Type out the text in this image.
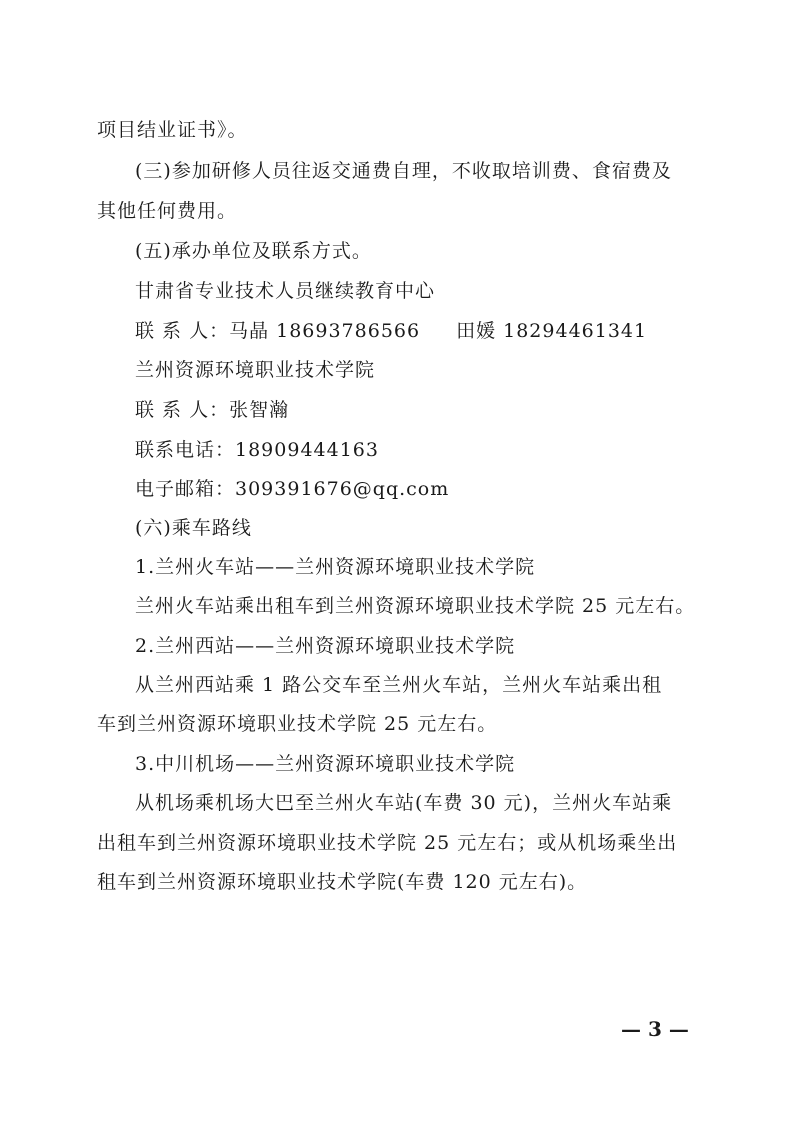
项目结业证书》。
(三)参加研修人员往返交通费自理，不收取培训费、食宿费及
其他任何费用。
(五)承办单位及联系方式。
甘肃省专业技术人员继续教育中心
联 系 人：马晶 18693786566 田媛 18294461341
兰州资源环境职业技术学院
联 系 人：张智瀚
联系电话：18909444163
电子邮箱：309391676@qq.com
(六)乘车路线
1.兰州火车站——兰州资源环境职业技术学院
兰州火车站乘出租车到兰州资源环境职业技术学院 25 元左右。
2.兰州西站——兰州资源环境职业技术学院
从兰州西站乘 1 路公交车至兰州火车站，兰州火车站乘出租
车到兰州资源环境职业技术学院 25 元左右。
3.中川机场——兰州资源环境职业技术学院
从机场乘机场大巴至兰州火车站(车费 30 元)，兰州火车站乘
出租车到兰州资源环境职业技术学院 25 元左右；或从机场乘坐出
租车到兰州资源环境职业技术学院(车费 120 元左右)。
— 3 —
